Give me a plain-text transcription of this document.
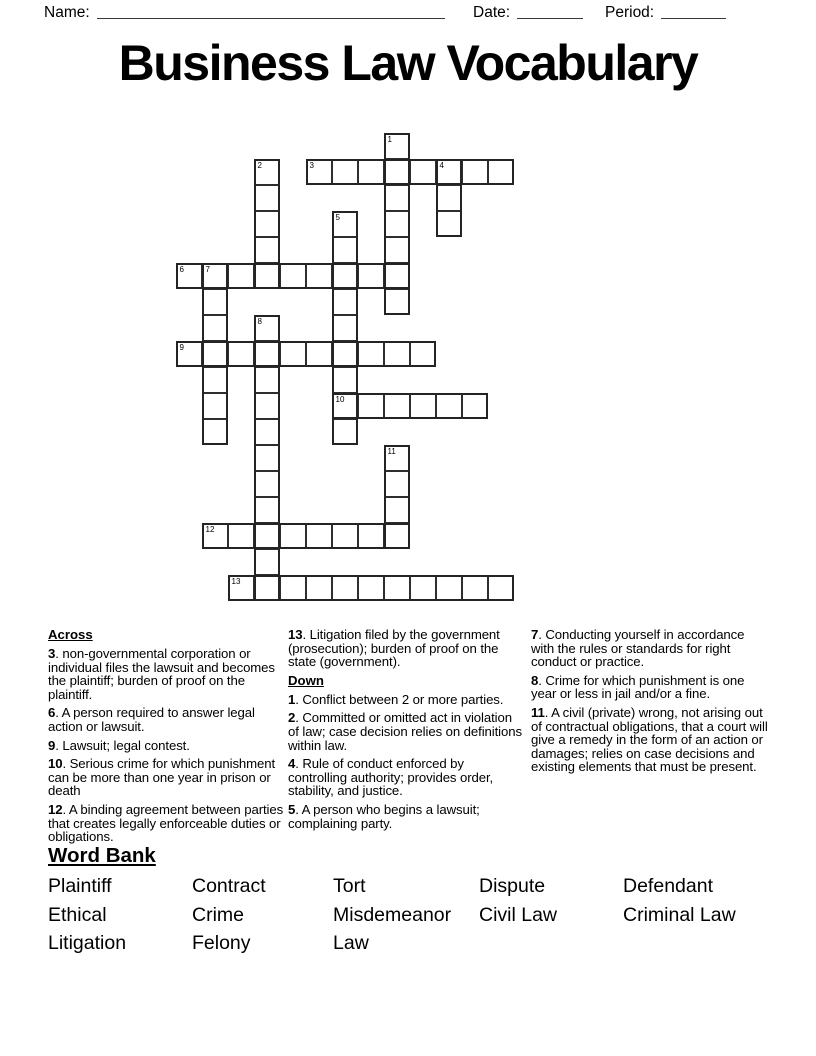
Name:	Date:	Period:
Business Law Vocabulary
1
2	3	4
5
10
6	7
8
9
11
12
13
Across

3. non-governmental corporation or individual files the lawsuit and becomes the plaintiff; burden of proof on the plaintiff.

6. A person required to answer legal action or lawsuit.

9. Lawsuit; legal contest.

10. Serious crime for which punishment can be more than one year in prison or death

12. A binding agreement between parties that creates legally enforceable duties or obligations.

13. Litigation filed by the government (prosecution); burden of proof on the state (government).

Down

1. Conflict between 2 or more parties.

2. Committed or omitted act in violation of law; case decision relies on definitions within law.

4. Rule of conduct enforced by controlling authority; provides order, stability, and justice.

5. A person who begins a lawsuit; complaining party.

7. Conducting yourself in accordance with the rules or standards for right conduct or practice.

8. Crime for which punishment is one year or less in jail and/or a fine.

11. A civil (private) wrong, not arising out of contractual obligations, that a court will give a remedy in the form of an action or damages; relies on case decisions and existing elements that must be present.

Word Bank
Plaintiff	Contract	Tort	Dispute	Defendant
Ethical	Crime	Misdemeanor	Civil Law	Criminal Law
Litigation	Felony	Law
